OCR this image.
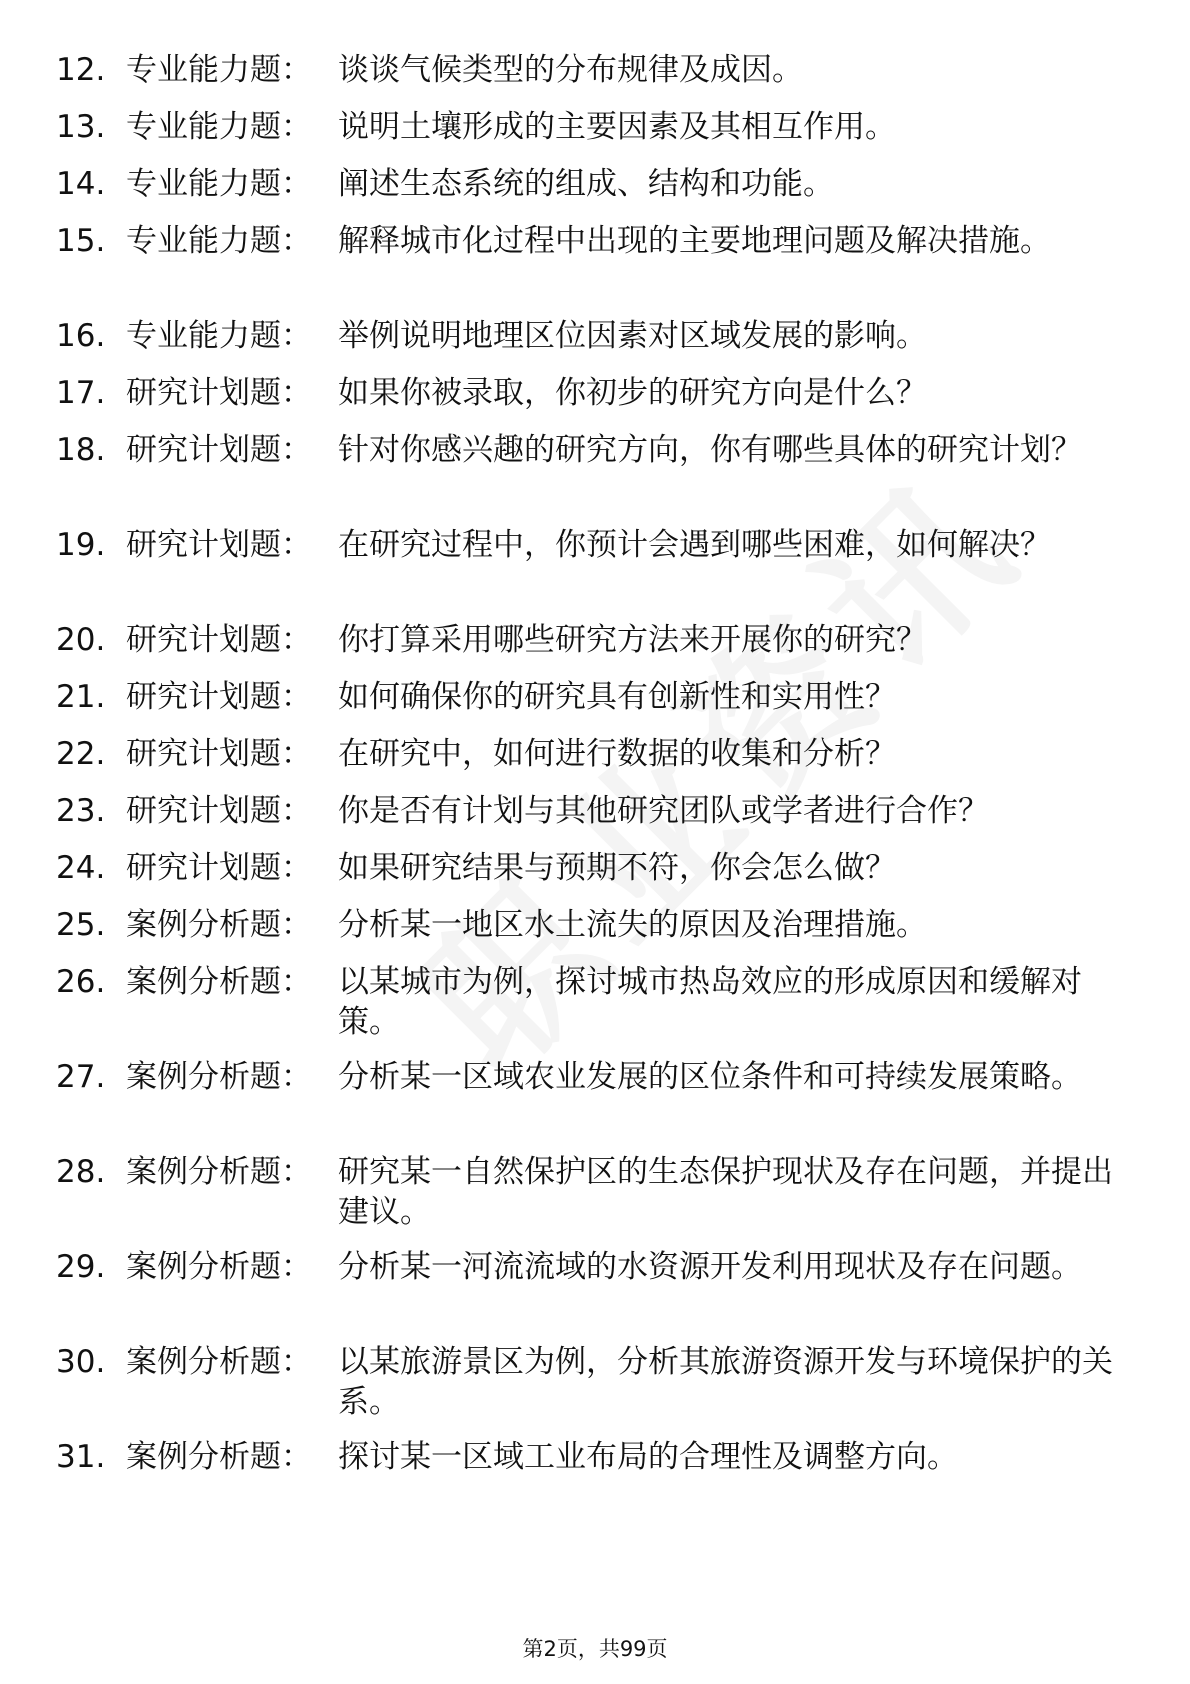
12. 专业能力题： 谈谈气候类型的分布规律及成因。
13. 专业能力题： 说明土壤形成的主要因素及其相互作用。
14. 专业能力题： 阐述生态系统的组成、结构和功能。
15. 专业能力题： 解释城市化过程中出现的主要地理问题及解决措施。
16. 专业能力题： 举例说明地理区位因素对区域发展的影响。
17. 研究计划题： 如果你被录取，你初步的研究方向是什么？
18. 研究计划题： 针对你感兴趣的研究方向，你有哪些具体的研究计划？
19. 研究计划题： 在研究过程中，你预计会遇到哪些困难，如何解决？
20. 研究计划题： 你打算采用哪些研究方法来开展你的研究？
21. 研究计划题： 如何确保你的研究具有创新性和实用性？
22. 研究计划题： 在研究中，如何进行数据的收集和分析？
23. 研究计划题： 你是否有计划与其他研究团队或学者进行合作？
24. 研究计划题： 如果研究结果与预期不符，你会怎么做？
25. 案例分析题： 分析某一地区水土流失的原因及治理措施。
26. 案例分析题： 以某城市为例，探讨城市热岛效应的形成原因和缓解对策。
27. 案例分析题： 分析某一区域农业发展的区位条件和可持续发展策略。
28. 案例分析题： 研究某一自然保护区的生态保护现状及存在问题，并提出建议。
29. 案例分析题： 分析某一河流流域的水资源开发利用现状及存在问题。
30. 案例分析题： 以某旅游景区为例，分析其旅游资源开发与环境保护的关系。
31. 案例分析题： 探讨某一区域工业布局的合理性及调整方向。
第2页，共99页
